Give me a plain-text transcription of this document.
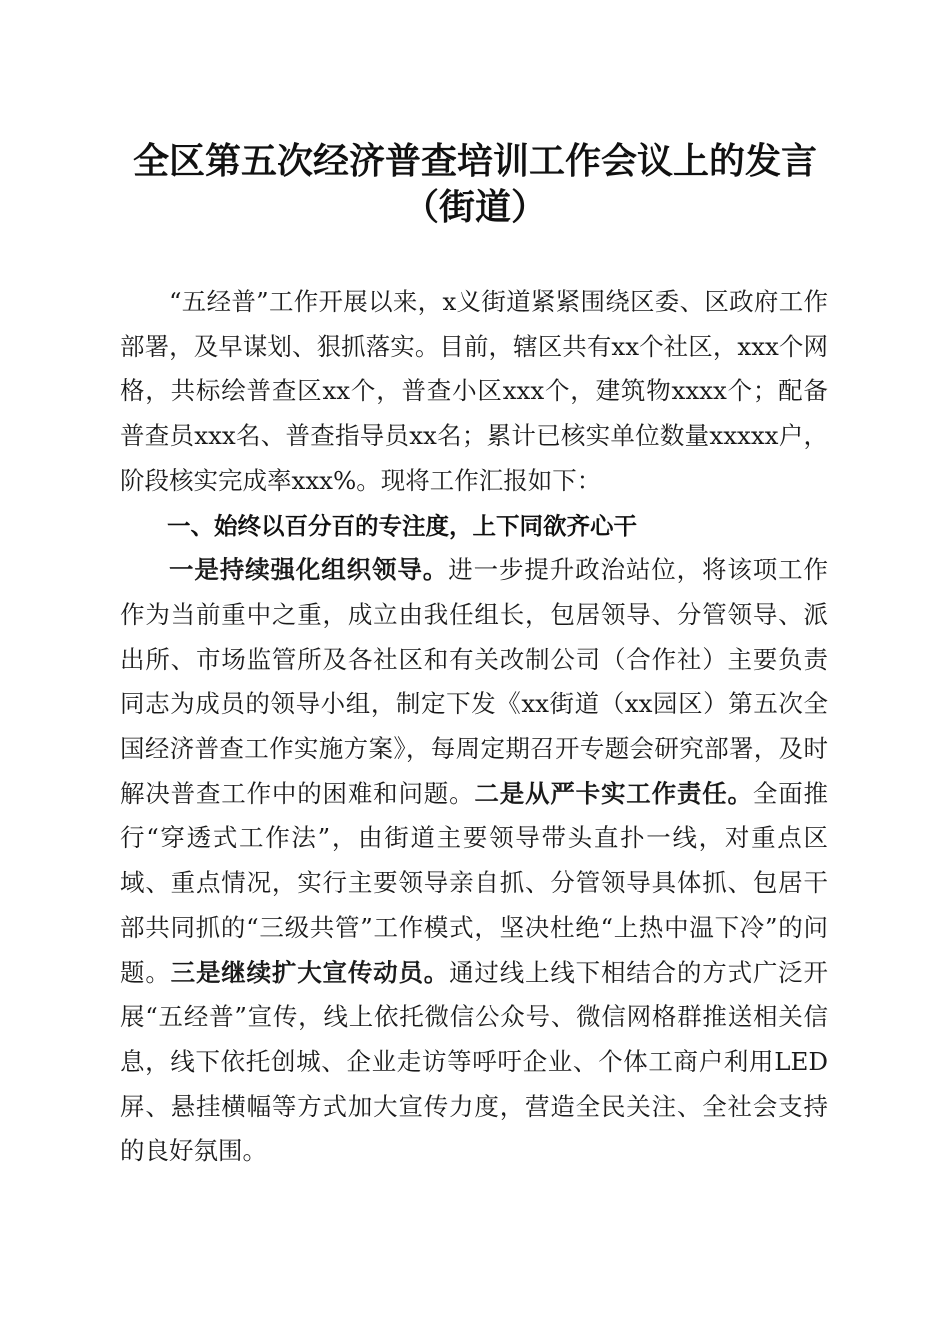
全区第五次经济普查培训工作会议上的发言
（街道）

“五经普”工作开展以来，x义街道紧紧围绕区委、区政府工作部署，及早谋划、狠抓落实。目前，辖区共有xx个社区，xxx个网格，共标绘普查区xx个，普查小区xxx个，建筑物xxxx个；配备普查员xxx名、普查指导员xx名；累计已核实单位数量xxxxx户，阶段核实完成率xxx%。现将工作汇报如下：

一、始终以百分百的专注度，上下同欲齐心干

一是持续强化组织领导。进一步提升政治站位，将该项工作作为当前重中之重，成立由我任组长，包居领导、分管领导、派出所、市场监管所及各社区和有关改制公司（合作社）主要负责同志为成员的领导小组，制定下发《xx街道（xx园区）第五次全国经济普查工作实施方案》，每周定期召开专题会研究部署，及时解决普查工作中的困难和问题。二是从严卡实工作责任。全面推行“穿透式工作法”，由街道主要领导带头直扑一线，对重点区域、重点情况，实行主要领导亲自抓、分管领导具体抓、包居干部共同抓的“三级共管”工作模式，坚决杜绝“上热中温下冷”的问题。三是继续扩大宣传动员。通过线上线下相结合的方式广泛开展“五经普”宣传，线上依托微信公众号、微信网格群推送相关信息，线下依托创城、企业走访等呼吁企业、个体工商户利用LED屏、悬挂横幅等方式加大宣传力度，营造全民关注、全社会支持的良好氛围。
